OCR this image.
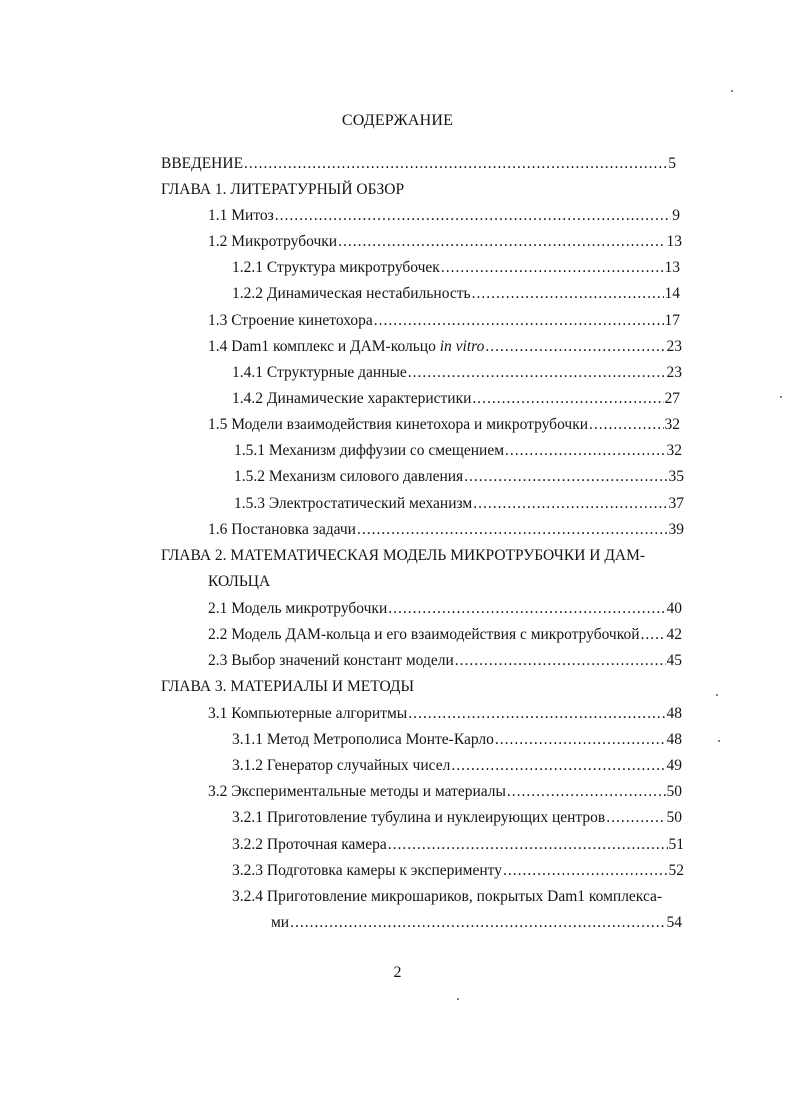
СОДЕРЖАНИЕ
ВВЕДЕНИЕ .....	5
ГЛАВА 1. ЛИТЕРАТУРНЫЙ ОБЗОР
1.1 Митоз .....	9
1.2 Микротрубочки .....	13
1.2.1 Структура микротрубочек .....	13
1.2.2 Динамическая нестабильность .....	14
1.3 Строение кинетохора .....	17
1.4 Dam1 комплекс и ДАМ-кольцо in vitro .....	23
1.4.1 Структурные данные .....	23
1.4.2 Динамические характеристики .....	27
1.5 Модели взаимодействия кинетохора и микротрубочки .....	32
1.5.1 Механизм диффузии со смещением .....	32
1.5.2 Механизм силового давления .....	35
1.5.3 Электростатический механизм .....	37
1.6 Постановка задачи .....	39
ГЛАВА 2. МАТЕМАТИЧЕСКАЯ МОДЕЛЬ МИКРОТРУБОЧКИ И ДАМ-
КОЛЬЦА
2.1 Модель микротрубочки .....	40
2.2 Модель ДАМ-кольца и его взаимодействия с микротрубочкой ..... 42
2.3 Выбор значений констант модели .....	45
ГЛАВА 3. МАТЕРИАЛЫ И МЕТОДЫ
3.1 Компьютерные алгоритмы .....	48
3.1.1 Метод Метрополиса Монте-Карло .....	48
3.1.2 Генератор случайных чисел .....	49
3.2 Экспериментальные методы и материалы .....	50
3.2.1 Приготовление тубулина и нуклеирующих центров .....	50
3.2.2 Проточная камера .....	51
3.2.3 Подготовка камеры к эксперименту .....	52
3.2.4 Приготовление микрошариков, покрытых Dam1 комплекса-
ми .....	54
2
